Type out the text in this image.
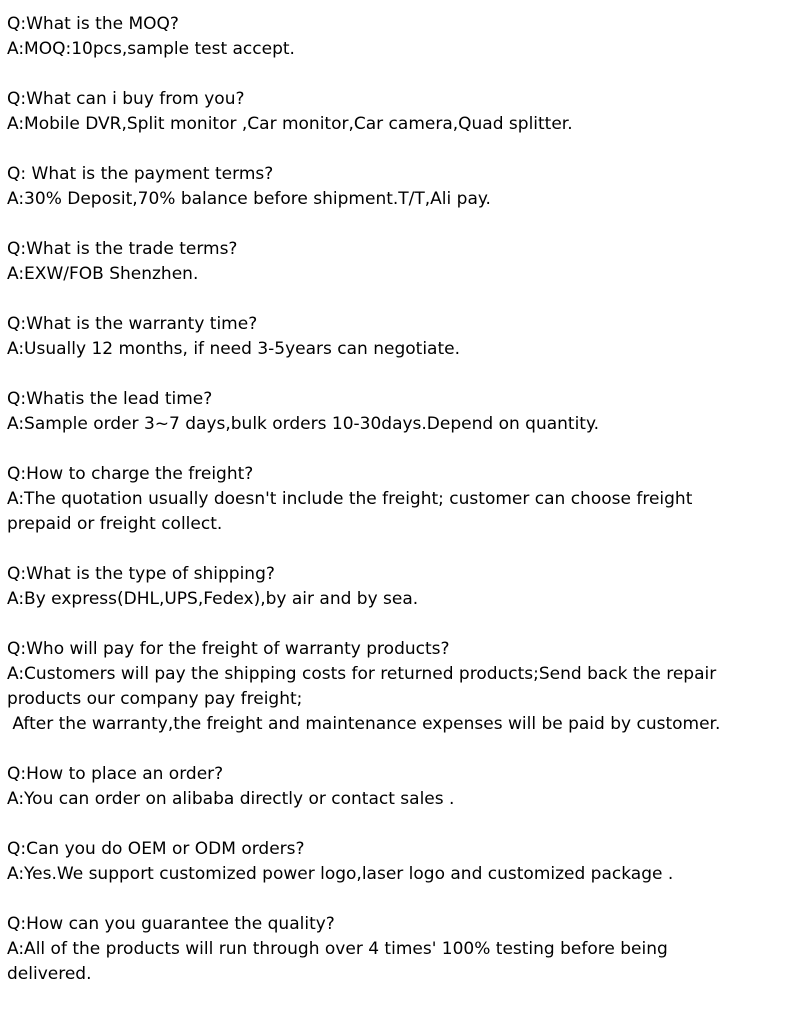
Q:What is the MOQ?
A:MOQ:10pcs,sample test accept.
Q:What can i buy from you?
A:Mobile DVR,Split monitor ,Car monitor,Car camera,Quad splitter.
Q: What is the payment terms?
A:30% Deposit,70% balance before shipment.T/T,Ali pay.
Q:What is the trade terms?
A:EXW/FOB Shenzhen.
Q:What is the warranty time?
A:Usually 12 months, if need 3-5years can negotiate.
Q:Whatis the lead time?
A:Sample order 3~7 days,bulk orders 10-30days.Depend on quantity.
Q:How to charge the freight?
A:The quotation usually doesn't include the freight; customer can choose freight
prepaid or freight collect.
Q:What is the type of shipping?
A:By express(DHL,UPS,Fedex),by air and by sea.
Q:Who will pay for the freight of warranty products?
A:Customers will pay the shipping costs for returned products;Send back the repair
products our company pay freight;
After the warranty,the freight and maintenance expenses will be paid by customer.
Q:How to place an order?
A:You can order on alibaba directly or contact sales .
Q:Can you do OEM or ODM orders?
A:Yes.We support customized power logo,laser logo and customized package .
Q:How can you guarantee the quality?
A:All of the products will run through over 4 times' 100% testing before being
delivered.
